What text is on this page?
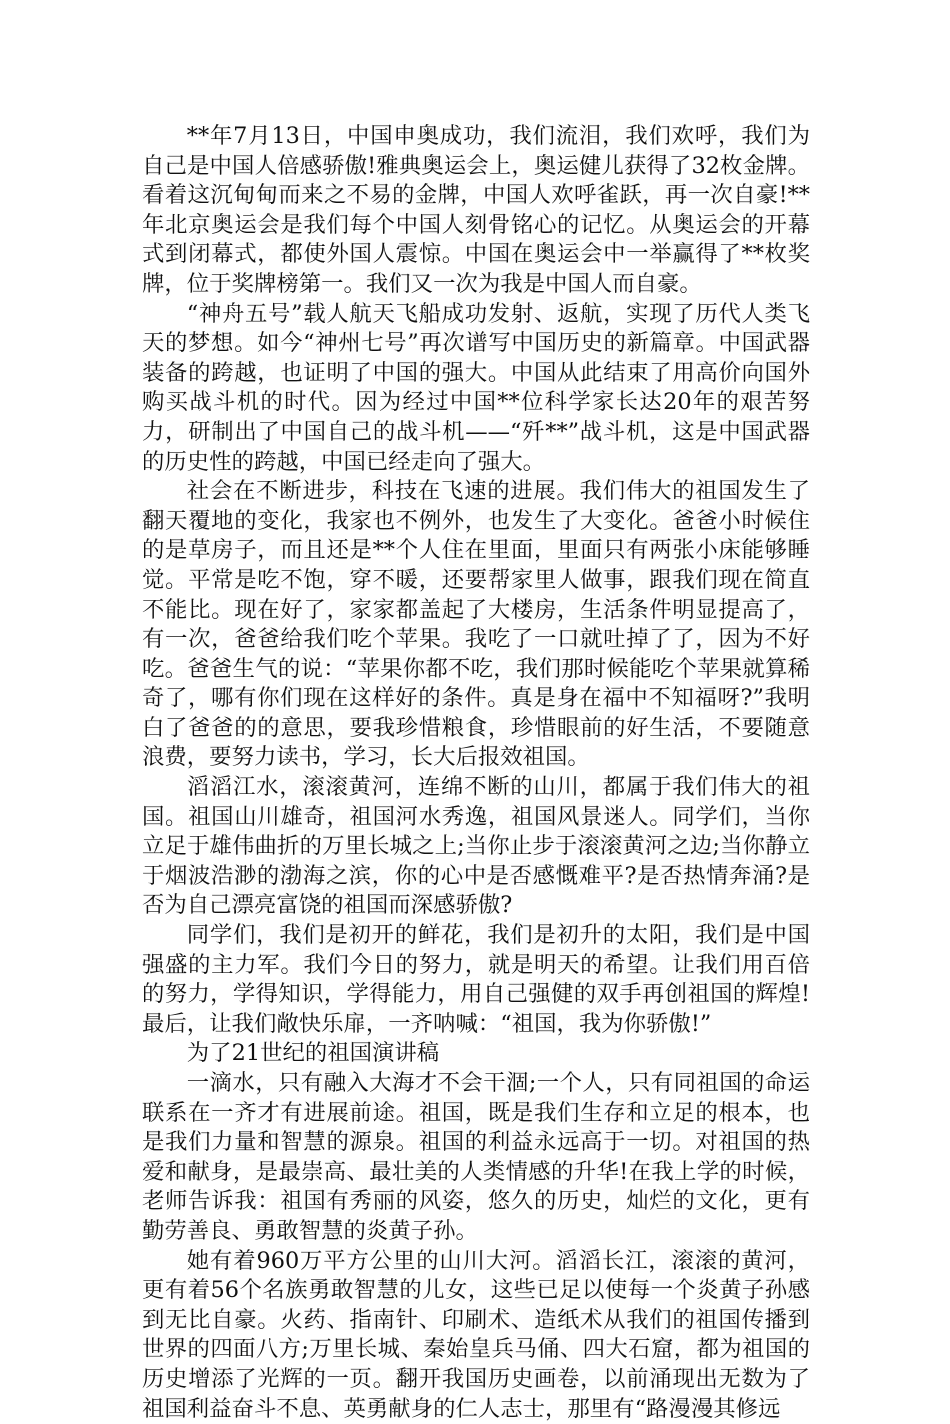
**年7月13日，中国申奥成功，我们流泪，我们欢呼，我们为自己是中国人倍感骄傲!雅典奥运会上，奥运健儿获得了32枚金牌。看着这沉甸甸而来之不易的金牌，中国人欢呼雀跃，再一次自豪!**年北京奥运会是我们每个中国人刻骨铭心的记忆。从奥运会的开幕式到闭幕式，都使外国人震惊。中国在奥运会中一举赢得了**枚奖牌，位于奖牌榜第一。我们又一次为我是中国人而自豪。

“神舟五号”载人航天飞船成功发射、返航，实现了历代人类飞天的梦想。如今“神州七号”再次谱写中国历史的新篇章。中国武器装备的跨越，也证明了中国的强大。中国从此结束了用高价向国外购买战斗机的时代。因为经过中国**位科学家长达20年的艰苦努力，研制出了中国自己的战斗机——“歼**”战斗机，这是中国武器的历史性的跨越，中国已经走向了强大。

社会在不断进步，科技在飞速的进展。我们伟大的祖国发生了翻天覆地的变化，我家也不例外，也发生了大变化。爸爸小时候住的是草房子，而且还是**个人住在里面，里面只有两张小床能够睡觉。平常是吃不饱，穿不暖，还要帮家里人做事，跟我们现在简直不能比。现在好了，家家都盖起了大楼房，生活条件明显提高了，有一次，爸爸给我们吃个苹果。我吃了一口就吐掉了了，因为不好吃。爸爸生气的说：“苹果你都不吃，我们那时候能吃个苹果就算稀奇了，哪有你们现在这样好的条件。真是身在福中不知福呀?”我明白了爸爸的的意思，要我珍惜粮食，珍惜眼前的好生活，不要随意浪费，要努力读书，学习，长大后报效祖国。

滔滔江水，滚滚黄河，连绵不断的山川，都属于我们伟大的祖国。祖国山川雄奇，祖国河水秀逸，祖国风景迷人。同学们，当你立足于雄伟曲折的万里长城之上;当你止步于滚滚黄河之边;当你静立于烟波浩渺的渤海之滨，你的心中是否感慨难平?是否热情奔涌?是否为自己漂亮富饶的祖国而深感骄傲?

同学们，我们是初开的鲜花，我们是初升的太阳，我们是中国强盛的主力军。我们今日的努力，就是明天的希望。让我们用百倍的努力，学得知识，学得能力，用自己强健的双手再创祖国的辉煌!最后，让我们敞快乐扉，一齐呐喊：“祖国，我为你骄傲!”

为了21世纪的祖国演讲稿

一滴水，只有融入大海才不会干涸;一个人，只有同祖国的命运联系在一齐才有进展前途。祖国，既是我们生存和立足的根本，也是我们力量和智慧的源泉。祖国的利益永远高于一切。对祖国的热爱和献身，是最崇高、最壮美的人类情感的升华!在我上学的时候，老师告诉我：祖国有秀丽的风姿，悠久的历史，灿烂的文化，更有勤劳善良、勇敢智慧的炎黄子孙。

她有着960万平方公里的山川大河。滔滔长江，滚滚的黄河，更有着56个名族勇敢智慧的儿女，这些已足以使每一个炎黄子孙感到无比自豪。火药、指南针、印刷术、造纸术从我们的祖国传播到世界的四面八方;万里长城、秦始皇兵马俑、四大石窟，都为祖国的历史增添了光辉的一页。翻开我国历史画卷，以前涌现出无数为了祖国利益奋斗不息、英勇献身的仁人志士，那里有“路漫漫其修远
